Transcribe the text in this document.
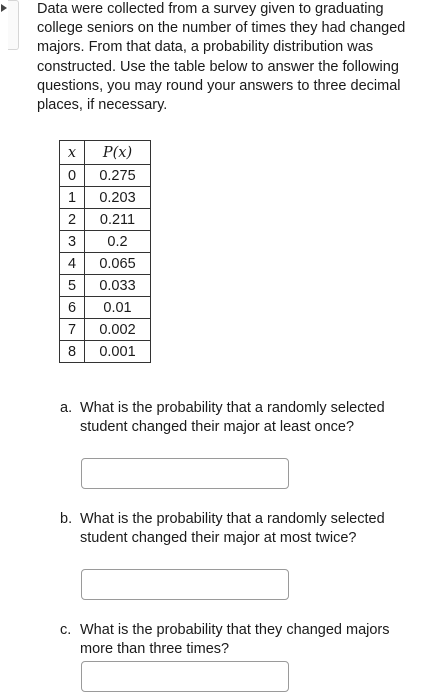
Data were collected from a survey given to graduating college seniors on the number of times they had changed majors. From that data, a probability distribution was constructed. Use the table below to answer the following questions, you may round your answers to three decimal places, if necessary.

x	P(x)
0	0.275
1	0.203
2	0.211
3	0.2
4	0.065
5	0.033
6	0.01
7	0.002
8	0.001
a. What is the probability that a randomly selected student changed their major at least once?
b. What is the probability that a randomly selected student changed their major at most twice?
c. What is the probability that they changed majors more than three times?
